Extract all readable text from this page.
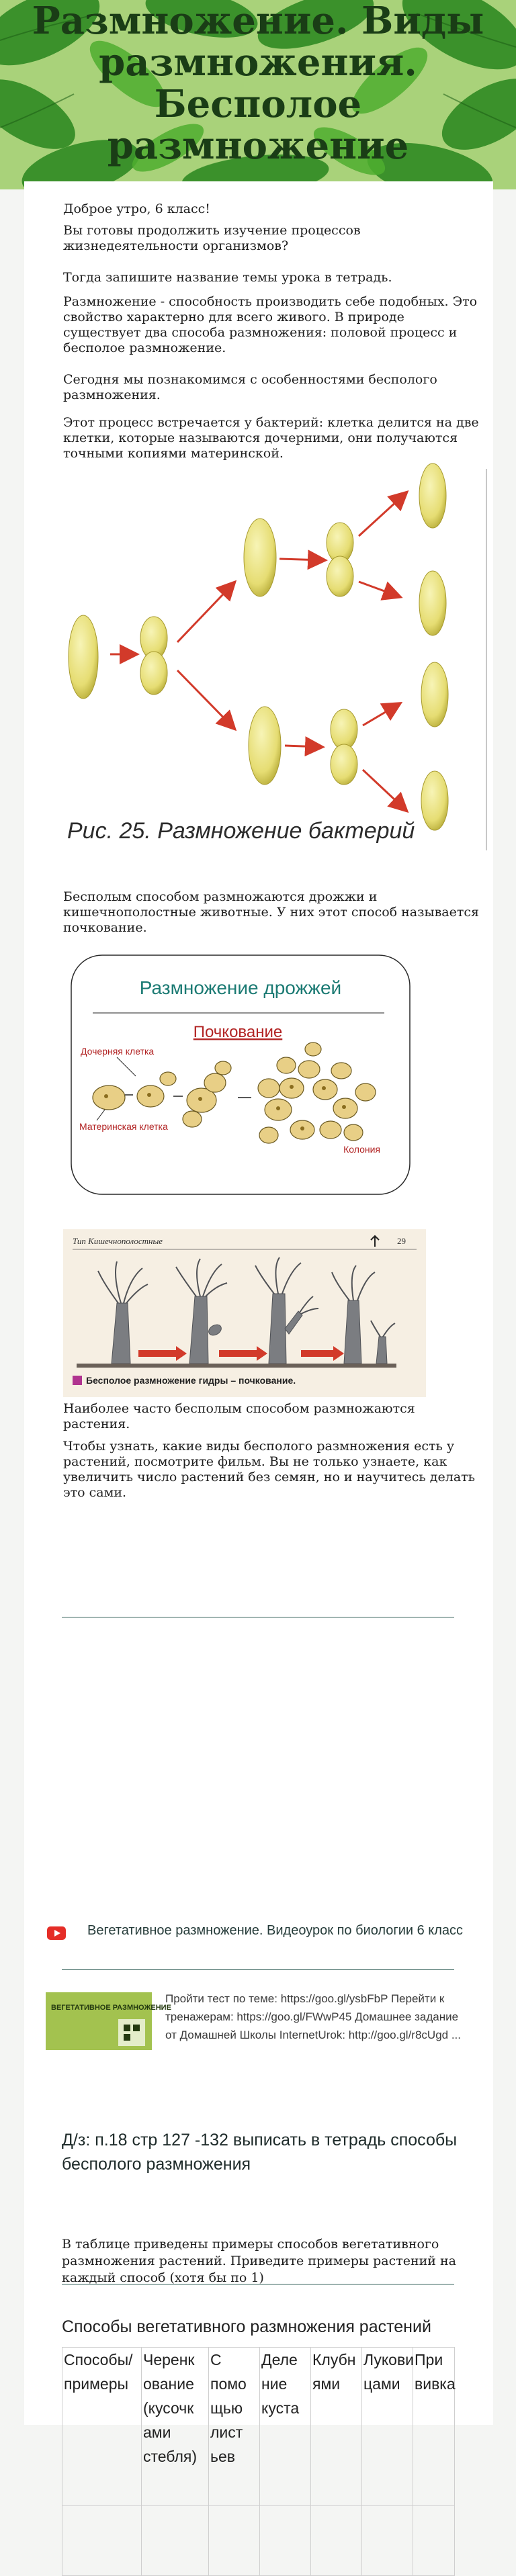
Размножение. Виды размножения. Бесполое размножение

Доброе утро, 6 класс!

Вы готовы продолжить изучение процессов жизнедеятельности организмов?

Тогда запишите название темы урока в тетрадь.

Размножение - способность производить себе подобных. Это свойство характерно для всего живого. В природе существует два способа размножения: половой процесс и бесполое размножение.

Сегодня мы познакомимся с особенностями бесполого размножения.

Этот процесс встречается у бактерий: клетка делится на две клетки, которые называются дочерними, они получаются точными копиями материнской.

Рис. 25. Размножение бактерий

Бесполым способом размножаются дрожжи и кишечнополостные животные. У них этот способ называется почкование.

Размножение дрожжей
Почкование
Дочерняя клетка
Материнская клетка
Колония
Тип Кишечнополостные	29
Бесполое размножение гидры – почкование.

Наиболее часто бесполым способом размножаются растения.

Чтобы узнать, какие виды бесполого размножения есть у растений, посмотрите фильм. Вы не только узнаете, как увеличить число растений без семян, но и научитесь делать это сами.

Вегетативное размножение. Видеоурок по биологии 6 класс
ВЕГЕТАТИВНОЕ РАЗМНОЖЕНИЕ
Пройти тест по теме: https://goo.gl/ysbFbP Перейти к тренажерам: https://goo.gl/FWwP45 Домашнее задание от Домашней Школы InternetUrok: http://goo.gl/r8cUgd ...
Д/з: п.18 стр 127 -132 выписать в тетрадь способы бесполого размножения

В таблице приведены примеры способов вегетативного размножения растений. Приведите примеры растений на каждый способ (хотя бы по 1)

Способы вегетативного размножения растений
Способы/ примеры	Черенк ование (кусочк ами стебля)	С помо щью лист ьев	Деле ние куста	Клубн ями	Лукови цами	При вивка
